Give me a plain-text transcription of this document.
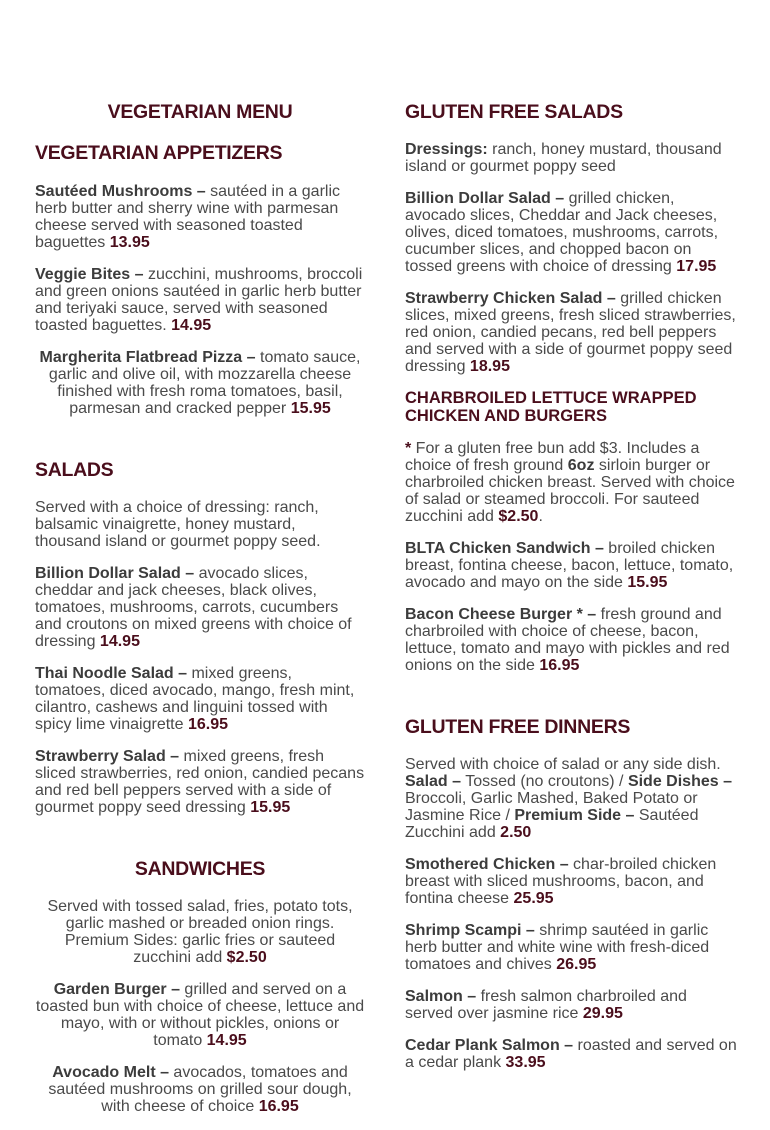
VEGETARIAN MENU
VEGETARIAN APPETIZERS

Sautéed Mushrooms – sautéed in a garlic herb butter and sherry wine with parmesan cheese served with seasoned toasted baguettes 13.95

Veggie Bites – zucchini, mushrooms, broccoli and green onions sautéed in garlic herb butter and teriyaki sauce, served with seasoned toasted baguettes. 14.95

Margherita Flatbread Pizza – tomato sauce, garlic and olive oil, with mozzarella cheese finished with fresh roma tomatoes, basil, parmesan and cracked pepper 15.95

SALADS

Served with a choice of dressing: ranch, balsamic vinaigrette, honey mustard, thousand island or gourmet poppy seed.

Billion Dollar Salad – avocado slices, cheddar and jack cheeses, black olives, tomatoes, mushrooms, carrots, cucumbers and croutons on mixed greens with choice of dressing 14.95

Thai Noodle Salad – mixed greens, tomatoes, diced avocado, mango, fresh mint, cilantro, cashews and linguini tossed with spicy lime vinaigrette 16.95

Strawberry Salad – mixed greens, fresh sliced strawberries, red onion, candied pecans and red bell peppers served with a side of gourmet poppy seed dressing 15.95

SANDWICHES

Served with tossed salad, fries, potato tots, garlic mashed or breaded onion rings. Premium Sides: garlic fries or sauteed zucchini add $2.50

Garden Burger – grilled and served on a toasted bun with choice of cheese, lettuce and mayo, with or without pickles, onions or tomato 14.95

Avocado Melt – avocados, tomatoes and sautéed mushrooms on grilled sour dough, with cheese of choice 16.95

GLUTEN FREE SALADS

Dressings: ranch, honey mustard, thousand island or gourmet poppy seed

Billion Dollar Salad – grilled chicken, avocado slices, Cheddar and Jack cheeses, olives, diced tomatoes, mushrooms, carrots, cucumber slices, and chopped bacon on tossed greens with choice of dressing 17.95

Strawberry Chicken Salad – grilled chicken slices, mixed greens, fresh sliced strawberries, red onion, candied pecans, red bell peppers and served with a side of gourmet poppy seed dressing 18.95

CHARBROILED LETTUCE WRAPPED CHICKEN AND BURGERS

* For a gluten free bun add $3. Includes a choice of fresh ground 6oz sirloin burger or charbroiled chicken breast. Served with choice of salad or steamed broccoli. For sauteed zucchini add $2.50.

BLTA Chicken Sandwich – broiled chicken breast, fontina cheese, bacon, lettuce, tomato, avocado and mayo on the side 15.95

Bacon Cheese Burger * – fresh ground and charbroiled with choice of cheese, bacon, lettuce, tomato and mayo with pickles and red onions on the side 16.95

GLUTEN FREE DINNERS

Served with choice of salad or any side dish. Salad – Tossed (no croutons) / Side Dishes – Broccoli, Garlic Mashed, Baked Potato or Jasmine Rice / Premium Side – Sautéed Zucchini add 2.50

Smothered Chicken – char-broiled chicken breast with sliced mushrooms, bacon, and fontina cheese 25.95

Shrimp Scampi – shrimp sautéed in garlic herb butter and white wine with fresh-diced tomatoes and chives 26.95

Salmon – fresh salmon charbroiled and served over jasmine rice 29.95

Cedar Plank Salmon – roasted and served on a cedar plank 33.95
